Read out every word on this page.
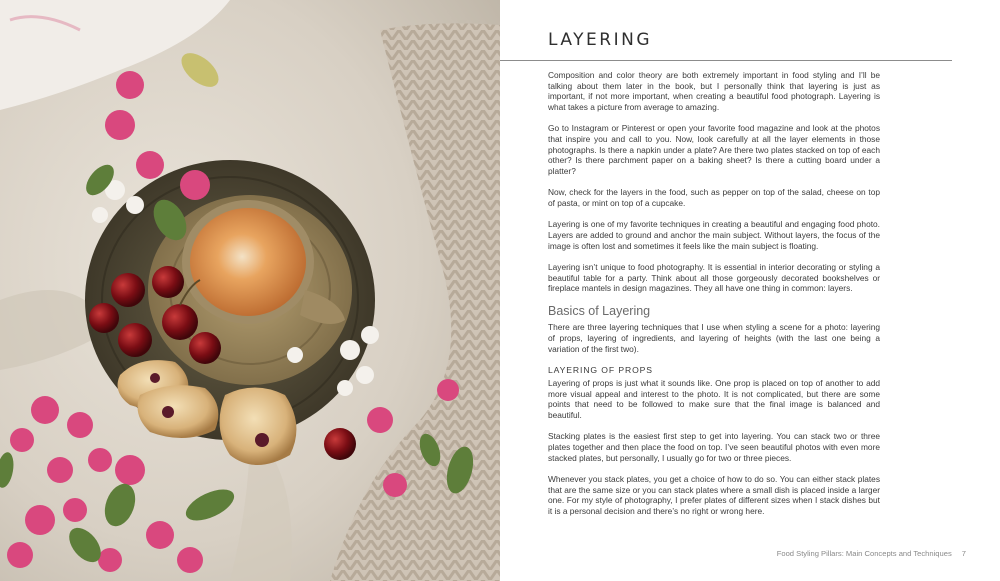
LAYERING

Composition and color theory are both extremely important in food styling and I’ll be talking about them later in the book, but I personally think that layering is just as important, if not more important, when creating a beautiful food photograph. Layering is what takes a picture from average to amazing.

Go to Instagram or Pinterest or open your favorite food magazine and look at the photos that inspire you and call to you. Now, look carefully at all the layer elements in those photographs. Is there a napkin under a plate? Are there two plates stacked on top of each other? Is there parchment paper on a baking sheet? Is there a cutting board under a platter?

Now, check for the layers in the food, such as pepper on top of the salad, cheese on top of pasta, or mint on top of a cupcake.

Layering is one of my favorite techniques in creating a beautiful and engaging food photo. Layers are added to ground and anchor the main subject. Without layers, the focus of the image is often lost and sometimes it feels like the main subject is floating.

Layering isn’t unique to food photography. It is essential in interior decorating or styling a beautiful table for a party. Think about all those gorgeously decorated bookshelves or fireplace mantels in design magazines. They all have one thing in common: layers.

Basics of Layering

There are three layering techniques that I use when styling a scene for a photo: layering of props, layering of ingredients, and layering of heights (with the last one being a variation of the first two).

LAYERING OF PROPS

Layering of props is just what it sounds like. One prop is placed on top of another to add more visual appeal and interest to the photo. It is not complicated, but there are some points that need to be followed to make sure that the final image is balanced and beautiful.

Stacking plates is the easiest first step to get into layering. You can stack two or three plates together and then place the food on top. I’ve seen beautiful photos with even more stacked plates, but personally, I usually go for two or three pieces.

Whenever you stack plates, you get a choice of how to do so. You can either stack plates that are the same size or you can stack plates where a small dish is placed inside a larger one. For my style of photography, I prefer plates of different sizes when I stack dishes but it is a personal decision and there’s no right or wrong here.

Food Styling Pillars: Main Concepts and Techniques 7
